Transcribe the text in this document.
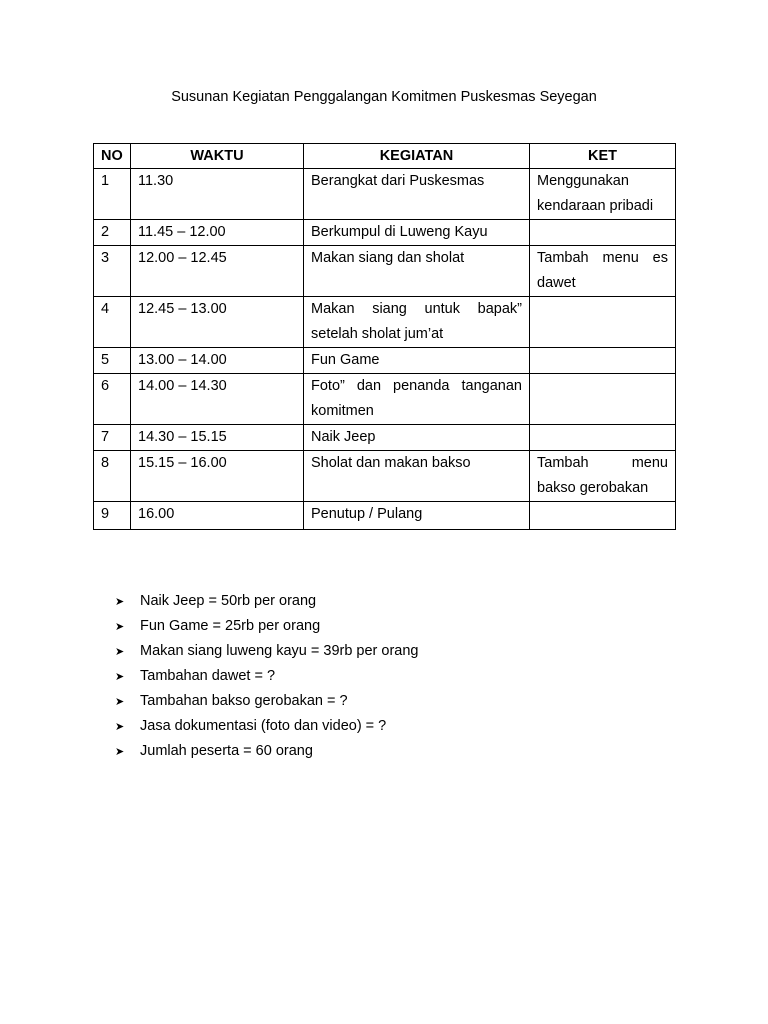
Susunan Kegiatan Penggalangan Komitmen Puskesmas Seyegan
NO	WAKTU	KEGIATAN	KET
1	11.30	Berangkat dari Puskesmas	Menggunakan kendaraan pribadi
2	11.45 – 12.00	Berkumpul di Luweng Kayu	
3	12.00 – 12.45	Makan siang dan sholat	Tambah menu es dawet
4	12.45 – 13.00	Makan siang untuk bapak” setelah sholat jum’at	
5	13.00 – 14.00	Fun Game	
6	14.00 – 14.30	Foto” dan penanda tanganan komitmen	
7	14.30 – 15.15	Naik Jeep	
8	15.15 – 16.00	Sholat dan makan bakso	Tambah menu bakso gerobakan
9	16.00	Penutup / Pulang	
➤ Naik Jeep = 50rb per orang
➤ Fun Game = 25rb per orang
➤ Makan siang luweng kayu = 39rb per orang
➤ Tambahan dawet = ?
➤ Tambahan bakso gerobakan = ?
➤ Jasa dokumentasi (foto dan video) = ?
➤ Jumlah peserta = 60 orang
